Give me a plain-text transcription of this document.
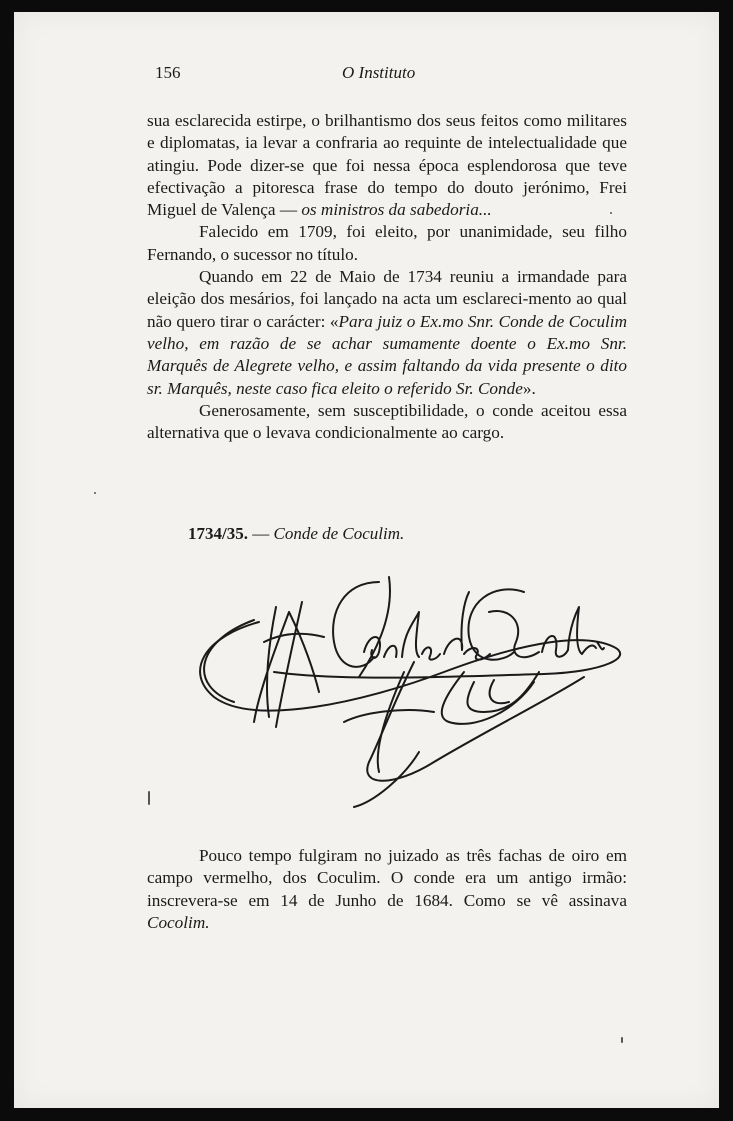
156	O Instituto

sua esclarecida estirpe, o brilhantismo dos seus feitos como militares e diplomatas, ia levar a confraria ao requinte de intelectualidade que atingiu. Pode dizer-se que foi nessa época esplendorosa que teve efectivação a pitoresca frase do tempo do douto jerónimo, Frei Miguel de Valença — os ministros da sabedoria...

Falecido em 1709, foi eleito, por unanimidade, seu filho Fernando, o sucessor no título.

Quando em 22 de Maio de 1734 reuniu a irmandade para eleição dos mesários, foi lançado na acta um esclareci-mento ao qual não quero tirar o carácter: «Para juiz o Ex.mo Snr. Conde de Coculim velho, em razão de se achar sumamente doente o Ex.mo Snr. Marquês de Alegrete velho, e assim faltando da vida presente o dito sr. Marquês, neste caso fica eleito o referido Sr. Conde».

Generosamente, sem susceptibilidade, o conde aceitou essa alternativa que o levava condicionalmente ao cargo.

1734/35. — Conde de Coculim.

Pouco tempo fulgiram no juizado as três fachas de oiro em campo vermelho, dos Coculim. O conde era um antigo irmão: inscrevera-se em 14 de Junho de 1684. Como se vê assinava Cocolim.
